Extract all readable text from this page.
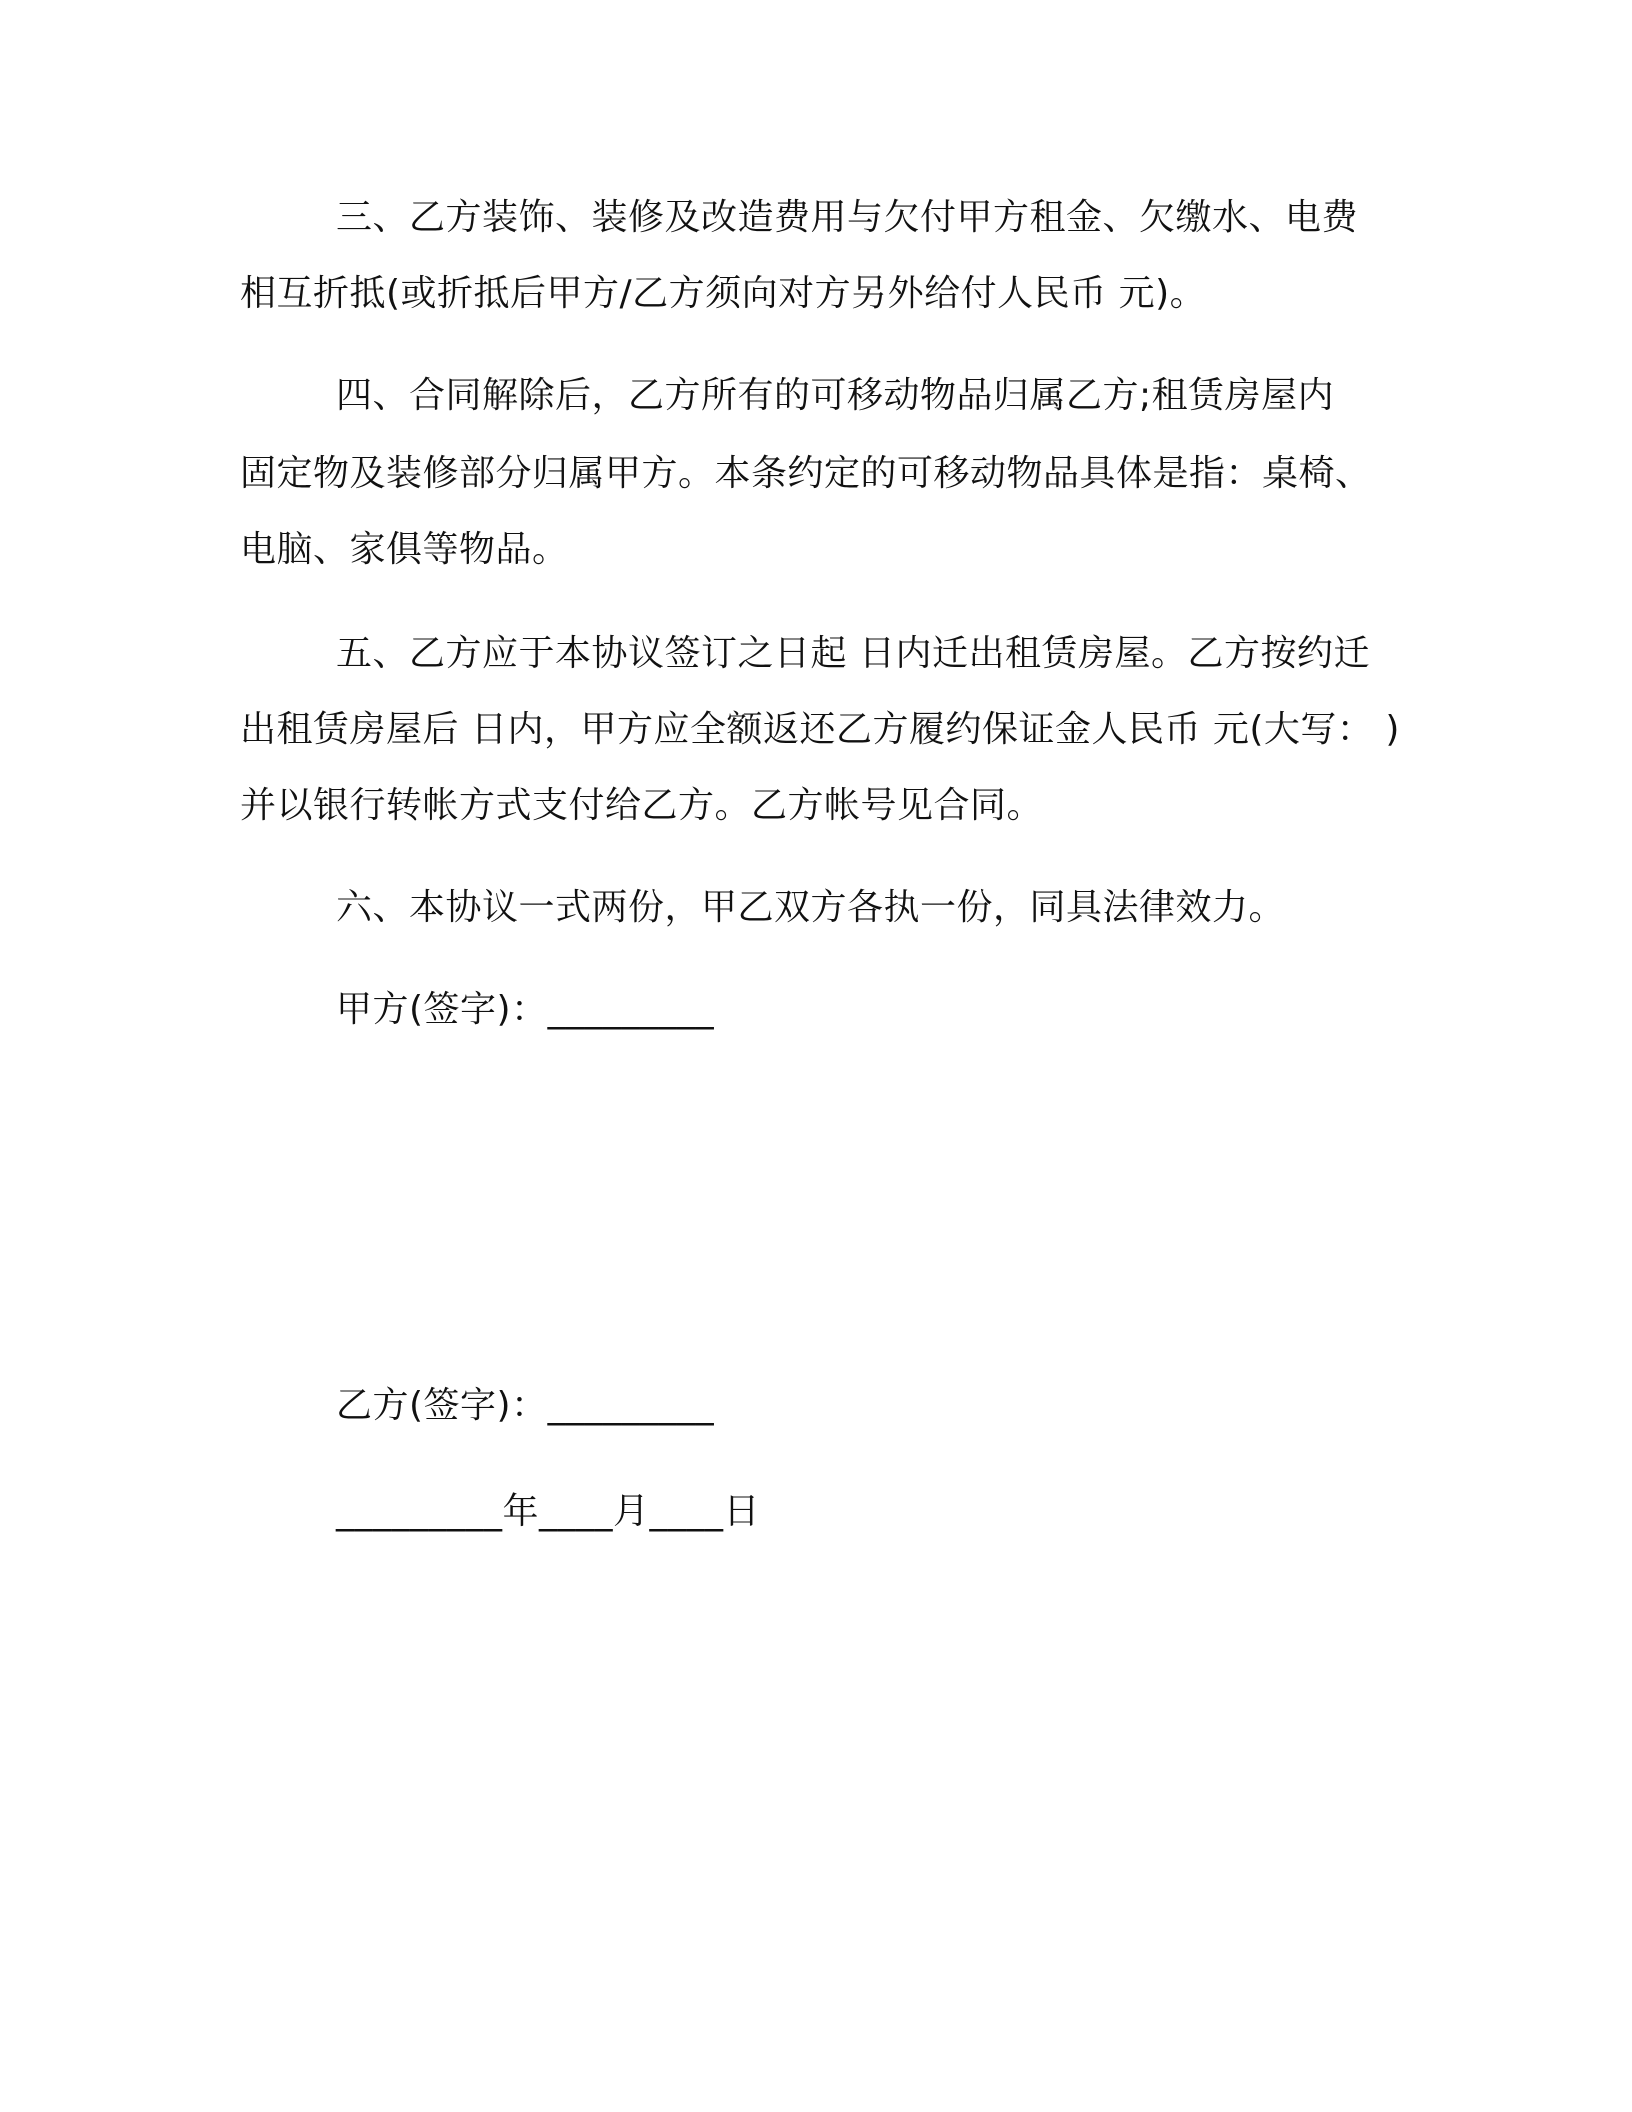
三、乙方装饰、装修及改造费用与欠付甲方租金、欠缴水、电费
相互折抵(或折抵后甲方/乙方须向对方另外给付人民币 元)。
四、合同解除后，乙方所有的可移动物品归属乙方;租赁房屋内
固定物及装修部分归属甲方。本条约定的可移动物品具体是指：桌椅、
电脑、家俱等物品。
五、乙方应于本协议签订之日起 日内迁出租赁房屋。乙方按约迁
出租赁房屋后 日内，甲方应全额返还乙方履约保证金人民币 元(大写： )
并以银行转帐方式支付给乙方。乙方帐号见合同。
六、本协议一式两份，甲乙双方各执一份，同具法律效力。
甲方(签字)：_________
乙方(签字)：_________
_________年____月____日
